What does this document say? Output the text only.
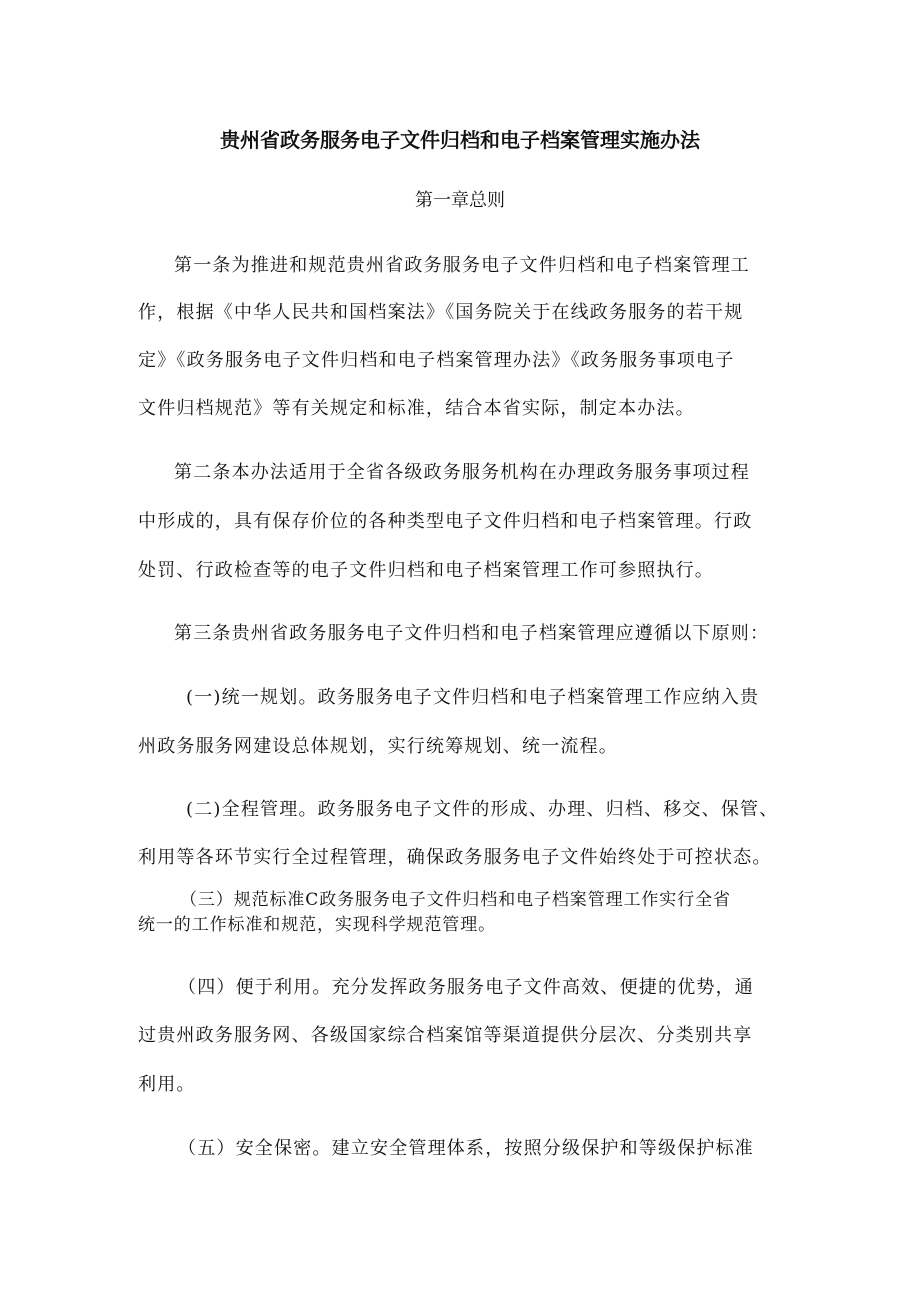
贵州省政务服务电子文件归档和电子档案管理实施办法
第一章总则
第一条为推进和规范贵州省政务服务电子文件归档和电子档案管理工
作，根据《中华人民共和国档案法》《国务院关于在线政务服务的若干规
定》《政务服务电子文件归档和电子档案管理办法》《政务服务事项电子
文件归档规范》等有关规定和标准，结合本省实际，制定本办法。
第二条本办法适用于全省各级政务服务机构在办理政务服务事项过程
中形成的，具有保存价位的各种类型电子文件归档和电子档案管理。行政
处罚、行政检查等的电子文件归档和电子档案管理工作可参照执行。
第三条贵州省政务服务电子文件归档和电子档案管理应遵循以下原则：
(一)统一规划。政务服务电子文件归档和电子档案管理工作应纳入贵
州政务服务网建设总体规划，实行统筹规划、统一流程。
(二)全程管理。政务服务电子文件的形成、办理、归档、移交、保管、
利用等各环节实行全过程管理，确保政务服务电子文件始终处于可控状态。
（三）规范标准C政务服务电子文件归档和电子档案管理工作实行全省
统一的工作标准和规范，实现科学规范管理。
（四）便于利用。充分发挥政务服务电子文件高效、便捷的优势，通
过贵州政务服务网、各级国家综合档案馆等渠道提供分层次、分类别共享
利用。
（五）安全保密。建立安全管理体系，按照分级保护和等级保护标准
